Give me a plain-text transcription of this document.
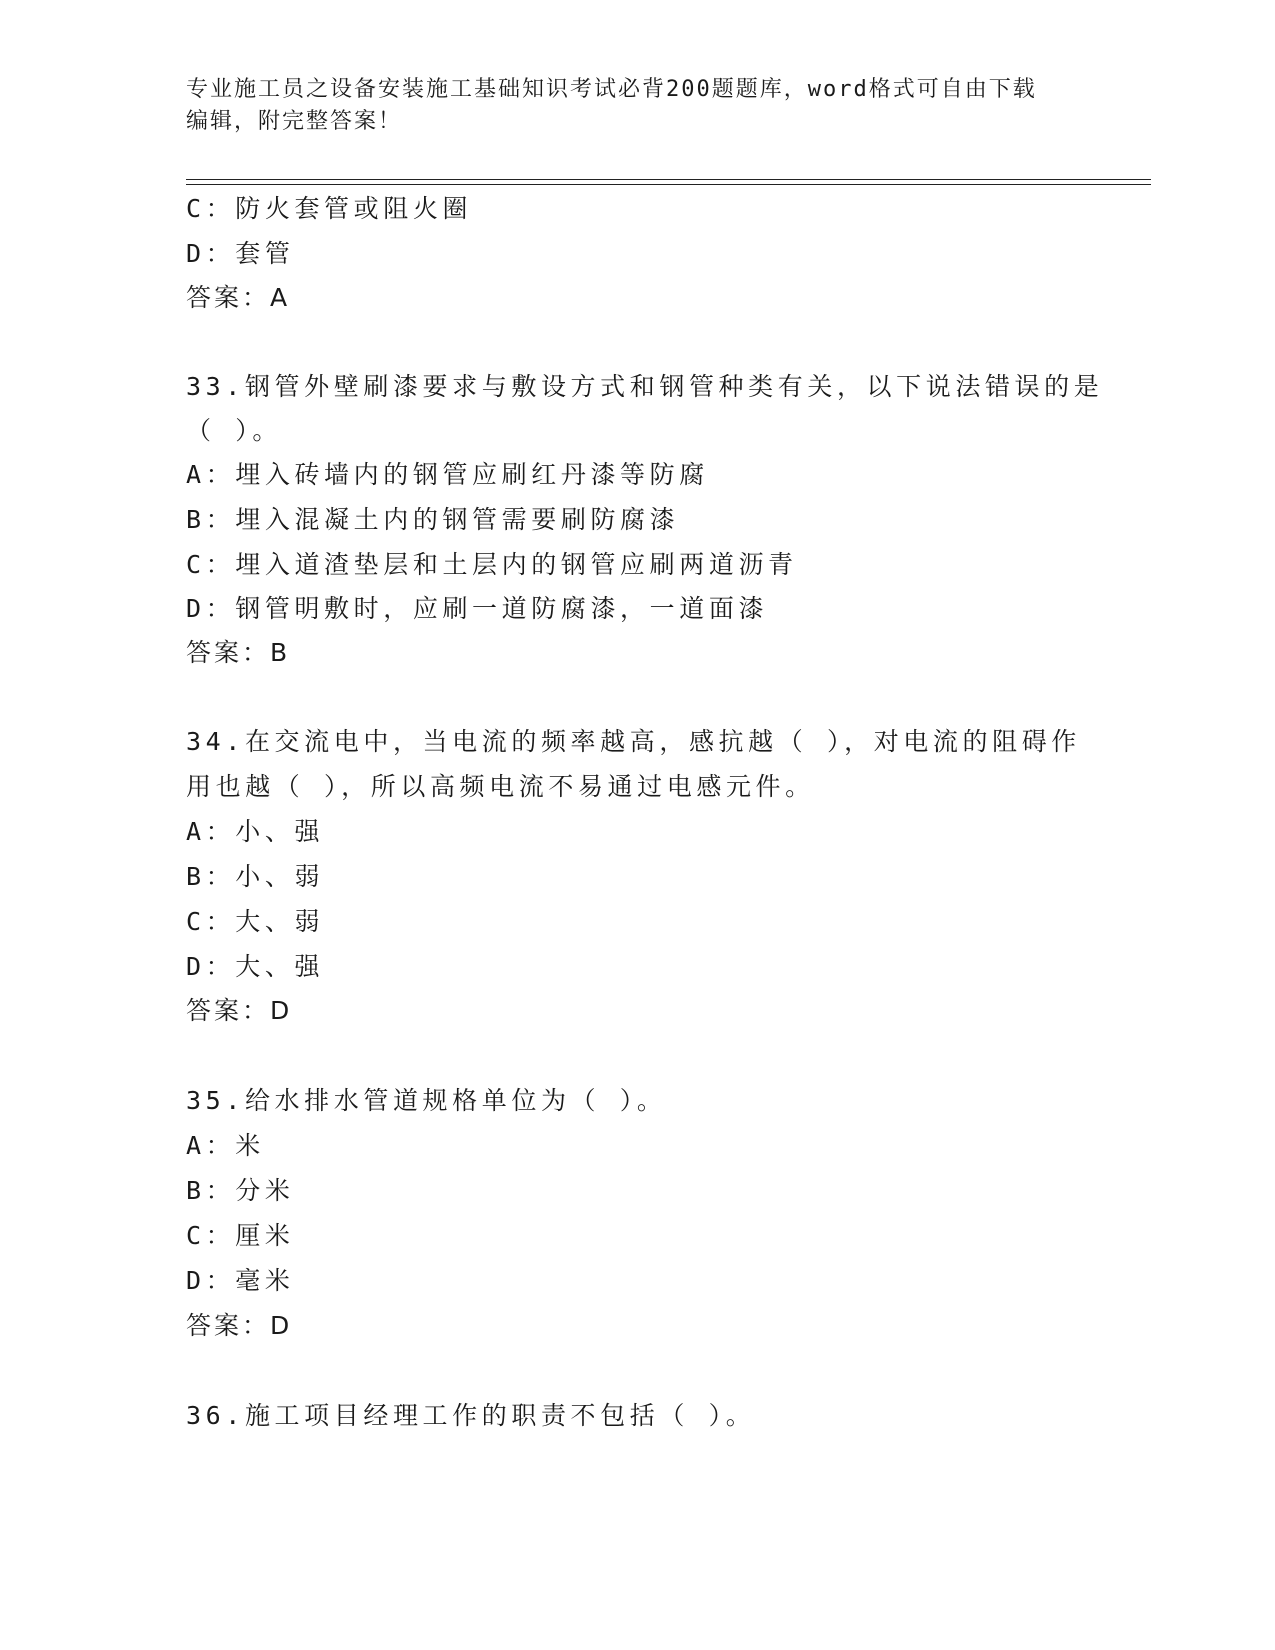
专业施工员之设备安装施工基础知识考试必背200题题库，word格式可自由下载
编辑，附完整答案！
C：防火套管或阻火圈
D：套管
答案：A
33.钢管外壁刷漆要求与敷设方式和钢管种类有关，以下说法错误的是
（ ）。
A：埋入砖墙内的钢管应刷红丹漆等防腐
B：埋入混凝土内的钢管需要刷防腐漆
C：埋入道渣垫层和土层内的钢管应刷两道沥青
D：钢管明敷时，应刷一道防腐漆，一道面漆
答案：B
34.在交流电中，当电流的频率越高，感抗越（ ），对电流的阻碍作
用也越（ ），所以高频电流不易通过电感元件。
A：小、强
B：小、弱
C：大、弱
D：大、强
答案：D
35.给水排水管道规格单位为（ ）。
A：米
B：分米
C：厘米
D：毫米
答案：D
36.施工项目经理工作的职责不包括（ ）。
